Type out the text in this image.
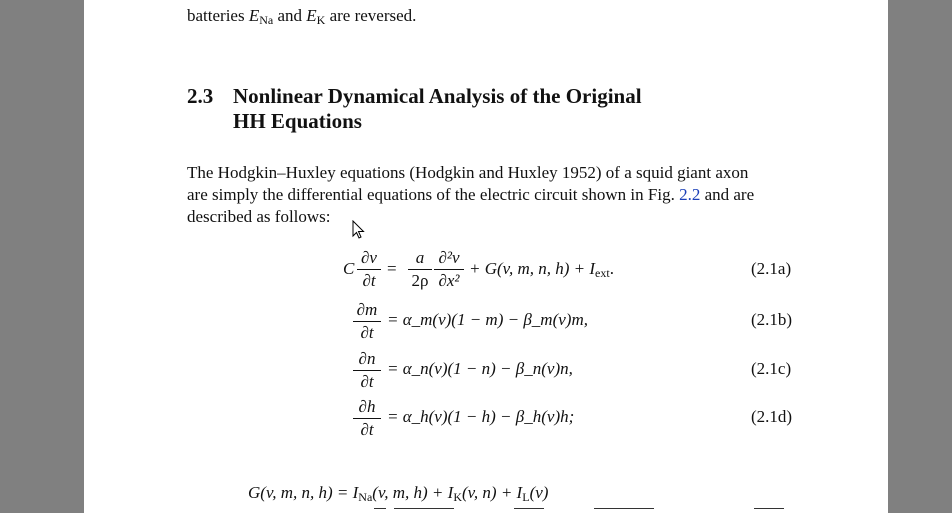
batteries $E_{Na}$ and $E_K$ are reversed.
2.3 Nonlinear Dynamical Analysis of the Original
HH Equations
The Hodgkin–Huxley equations (Hodgkin and Huxley 1952) of a squid giant axon
are simply the differential equations of the electric circuit shown in Fig. 2.2 and are
described as follows:
C
∂v
∂t
=
a
2ρ
∂²v
∂x²
+ G(v, m, n, $h) + I_{ext}$.	(2.1a)
∂m
∂t
= α_m(v)(1 − m) − β_m(v)m,	(2.1b)
∂n
∂t
= α_n(v)(1 − n) − β_n(v)n,	(2.1c)
∂h
∂t
= α_h(v)(1 − h) − β_h(v)h;	(2.1d)
G(v, m, n, $h) = I_{Na}(v$, m, $h) + I_K(v$, $n) + I_L(v)$
